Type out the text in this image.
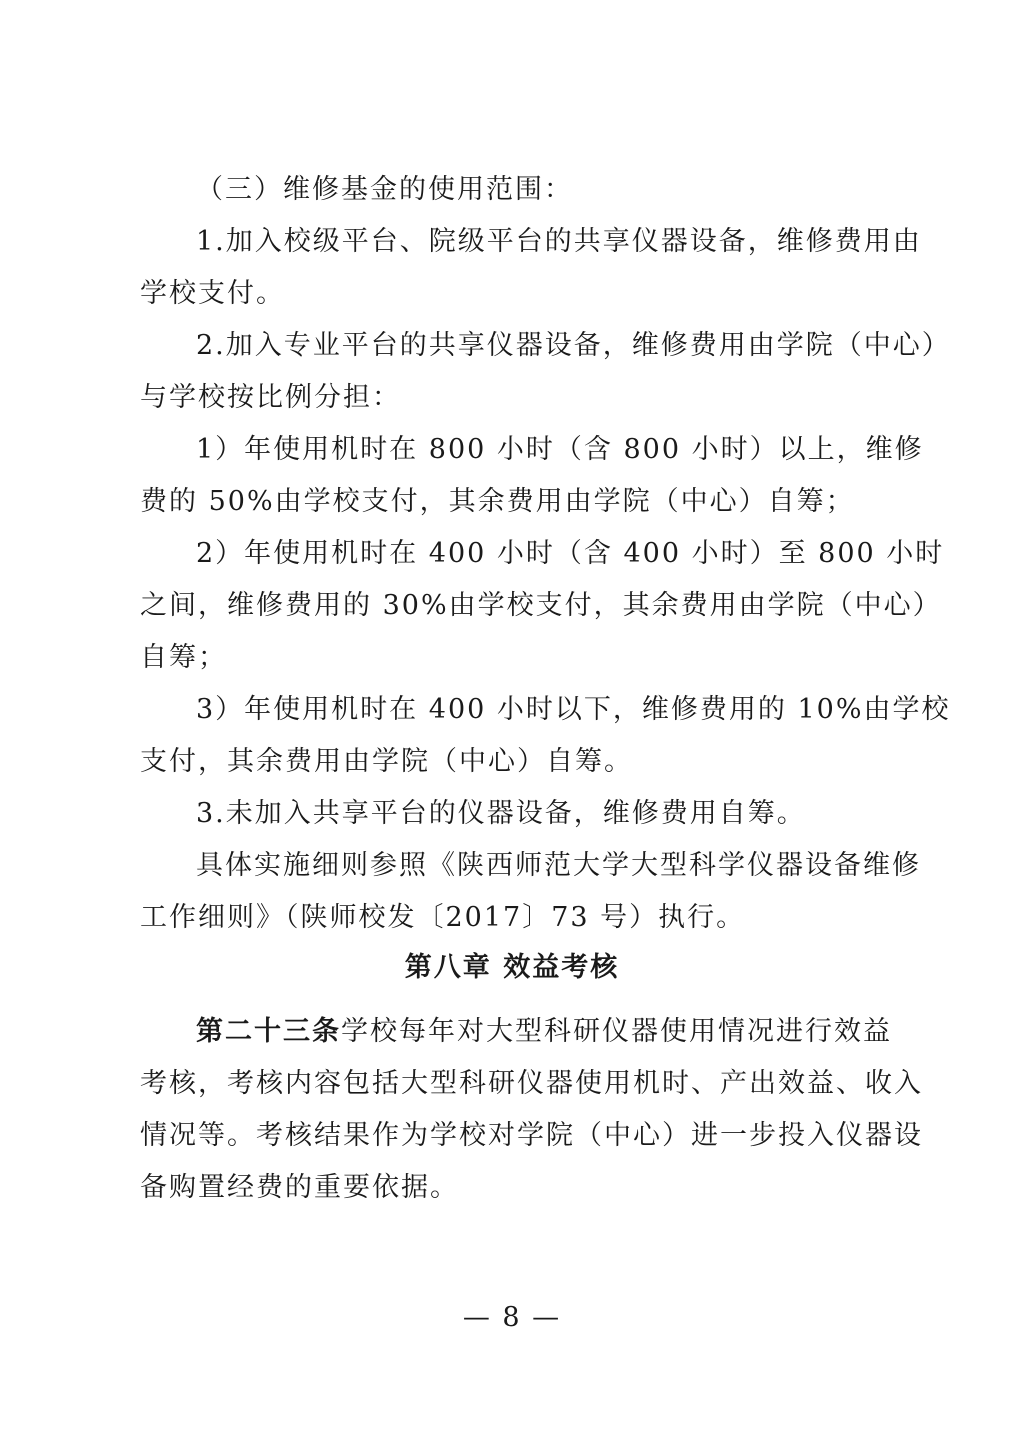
（三）维修基金的使用范围：
1.加入校级平台、院级平台的共享仪器设备，维修费用由
学校支付。
2.加入专业平台的共享仪器设备，维修费用由学院（中心）
与学校按比例分担：
1）年使用机时在 800 小时（含 800 小时）以上，维修
费的 50%由学校支付，其余费用由学院（中心）自筹；
2）年使用机时在 400 小时（含 400 小时）至 800 小时
之间，维修费用的 30%由学校支付，其余费用由学院（中心）
自筹；
3）年使用机时在 400 小时以下，维修费用的 10%由学校
支付，其余费用由学院（中心）自筹。
3.未加入共享平台的仪器设备，维修费用自筹。
具体实施细则参照《陕西师范大学大型科学仪器设备维修
工作细则》（陕师校发〔2017〕73 号）执行。
第八章 效益考核
第二十三条 学校每年对大型科研仪器使用情况进行效益
考核，考核内容包括大型科研仪器使用机时、产出效益、收入
情况等。考核结果作为学校对学院（中心）进一步投入仪器设
备购置经费的重要依据。
— 8 —
